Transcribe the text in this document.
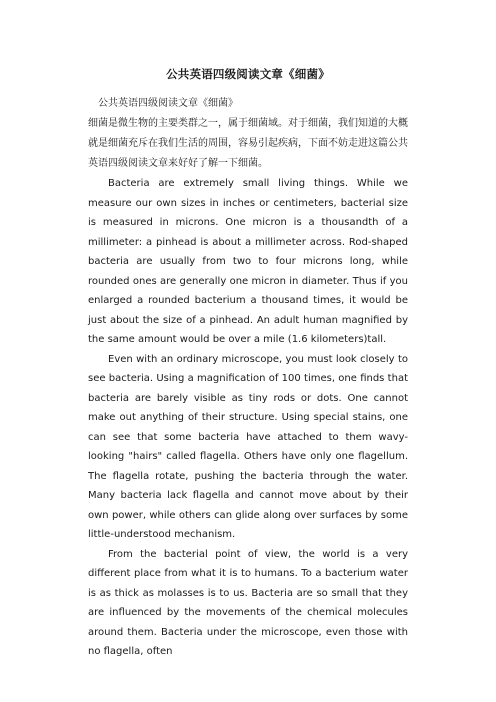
公共英语四级阅读文章《细菌》

公共英语四级阅读文章《细菌》

细菌是微生物的主要类群之一，属于细菌域。对于细菌，我们知道的大概就是细菌充斥在我们生活的周围，容易引起疾病，下面不妨走进这篇公共英语四级阅读文章来好好了解一下细菌。

Bacteria are extremely small living things. While we measure our own sizes in inches or centimeters, bacterial size is measured in microns. One micron is a thousandth of a millimeter: a pinhead is about a millimeter across. Rod-shaped bacteria are usually from two to four microns long, while rounded ones are generally one micron in diameter. Thus if you enlarged a rounded bacterium a thousand times, it would be just about the size of a pinhead. An adult human magnified by the same amount would be over a mile (1.6 kilometers)tall.

Even with an ordinary microscope, you must look closely to see bacteria. Using a magnification of 100 times, one finds that bacteria are barely visible as tiny rods or dots. One cannot make out anything of their structure. Using special stains, one can see that some bacteria have attached to them wavy-looking "hairs" called flagella. Others have only one flagellum. The flagella rotate, pushing the bacteria through the water. Many bacteria lack flagella and cannot move about by their own power, while others can glide along over surfaces by some little-understood mechanism.

From the bacterial point of view, the world is a very different place from what it is to humans. To a bacterium water is as thick as molasses is to us. Bacteria are so small that they are influenced by the movements of the chemical molecules around them. Bacteria under the microscope, even those with no flagella, often
